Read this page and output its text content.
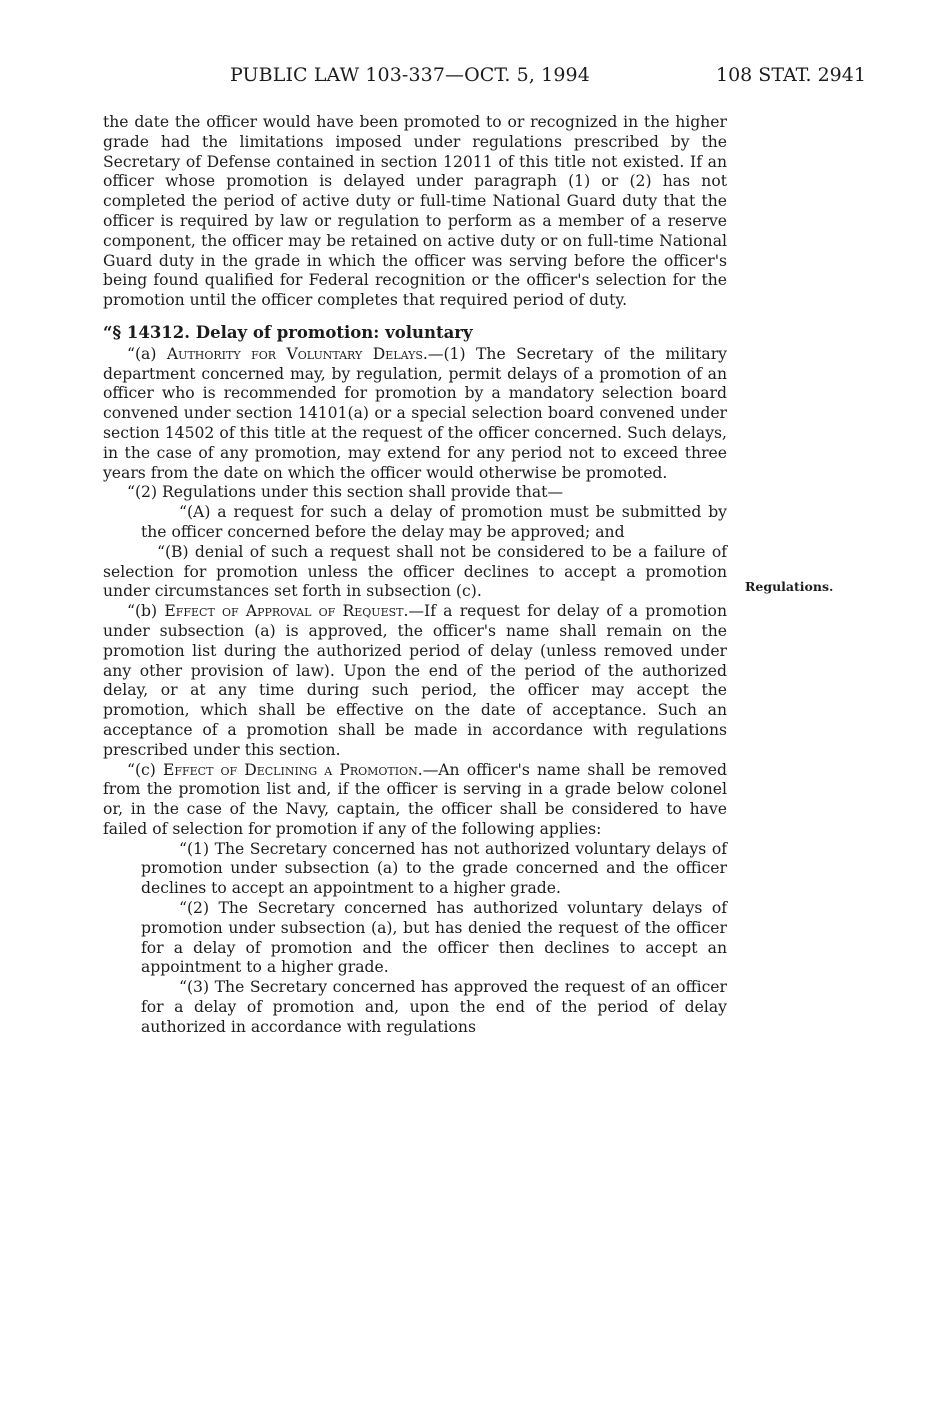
PUBLIC LAW 103-337—OCT. 5, 1994	108 STAT. 2941
Regulations.

the date the officer would have been promoted to or recognized in the higher grade had the limitations imposed under regulations prescribed by the Secretary of Defense contained in section 12011 of this title not existed. If an officer whose promotion is delayed under paragraph (1) or (2) has not completed the period of active duty or full-time National Guard duty that the officer is required by law or regulation to perform as a member of a reserve component, the officer may be retained on active duty or on full-time National Guard duty in the grade in which the officer was serving before the officer's being found qualified for Federal recognition or the officer's selection for the promotion until the officer completes that required period of duty.

“§ 14312. Delay of promotion: voluntary

“(a) Authority for Voluntary Delays.—(1) The Secretary of the military department concerned may, by regulation, permit delays of a promotion of an officer who is recommended for promotion by a mandatory selection board convened under section 14101(a) or a special selection board convened under section 14502 of this title at the request of the officer concerned. Such delays, in the case of any promotion, may extend for any period not to exceed three years from the date on which the officer would otherwise be promoted.

“(2) Regulations under this section shall provide that—

“(A) a request for such a delay of promotion must be submitted by the officer concerned before the delay may be approved; and

“(B) denial of such a request shall not be considered to be a failure of selection for promotion unless the officer declines to accept a promotion under circumstances set forth in subsection (c).

“(b) Effect of Approval of Request.—If a request for delay of a promotion under subsection (a) is approved, the officer's name shall remain on the promotion list during the authorized period of delay (unless removed under any other provision of law). Upon the end of the period of the authorized delay, or at any time during such period, the officer may accept the promotion, which shall be effective on the date of acceptance. Such an acceptance of a promotion shall be made in accordance with regulations prescribed under this section.

“(c) Effect of Declining a Promotion.—An officer's name shall be removed from the promotion list and, if the officer is serving in a grade below colonel or, in the case of the Navy, captain, the officer shall be considered to have failed of selection for promotion if any of the following applies:

“(1) The Secretary concerned has not authorized voluntary delays of promotion under subsection (a) to the grade concerned and the officer declines to accept an appointment to a higher grade.

“(2) The Secretary concerned has authorized voluntary delays of promotion under subsection (a), but has denied the request of the officer for a delay of promotion and the officer then declines to accept an appointment to a higher grade.

“(3) The Secretary concerned has approved the request of an officer for a delay of promotion and, upon the end of the period of delay authorized in accordance with regulations
